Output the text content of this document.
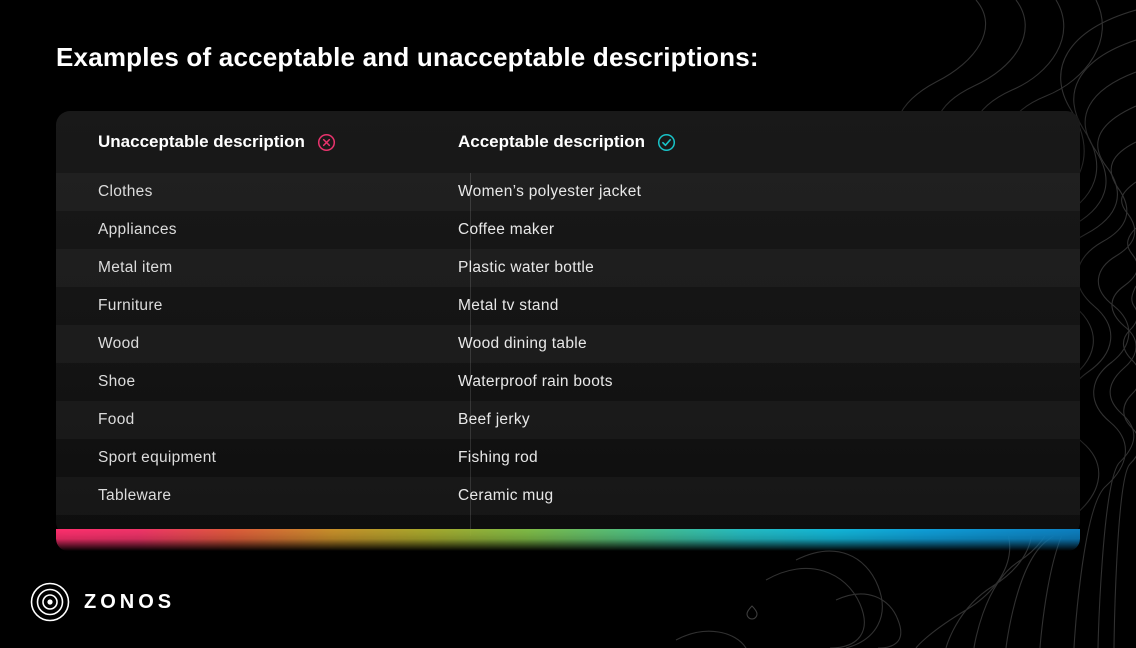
Examples of acceptable and unacceptable descriptions:
Unacceptable description	Acceptable description
Clothes	Women’s polyester jacket
Appliances	Coffee maker
Metal item	Plastic water bottle
Furniture	Metal tv stand
Wood	Wood dining table
Shoe	Waterproof rain boots
Food	Beef jerky
Sport equipment	Fishing rod
Tableware	Ceramic mug
ZONOS
